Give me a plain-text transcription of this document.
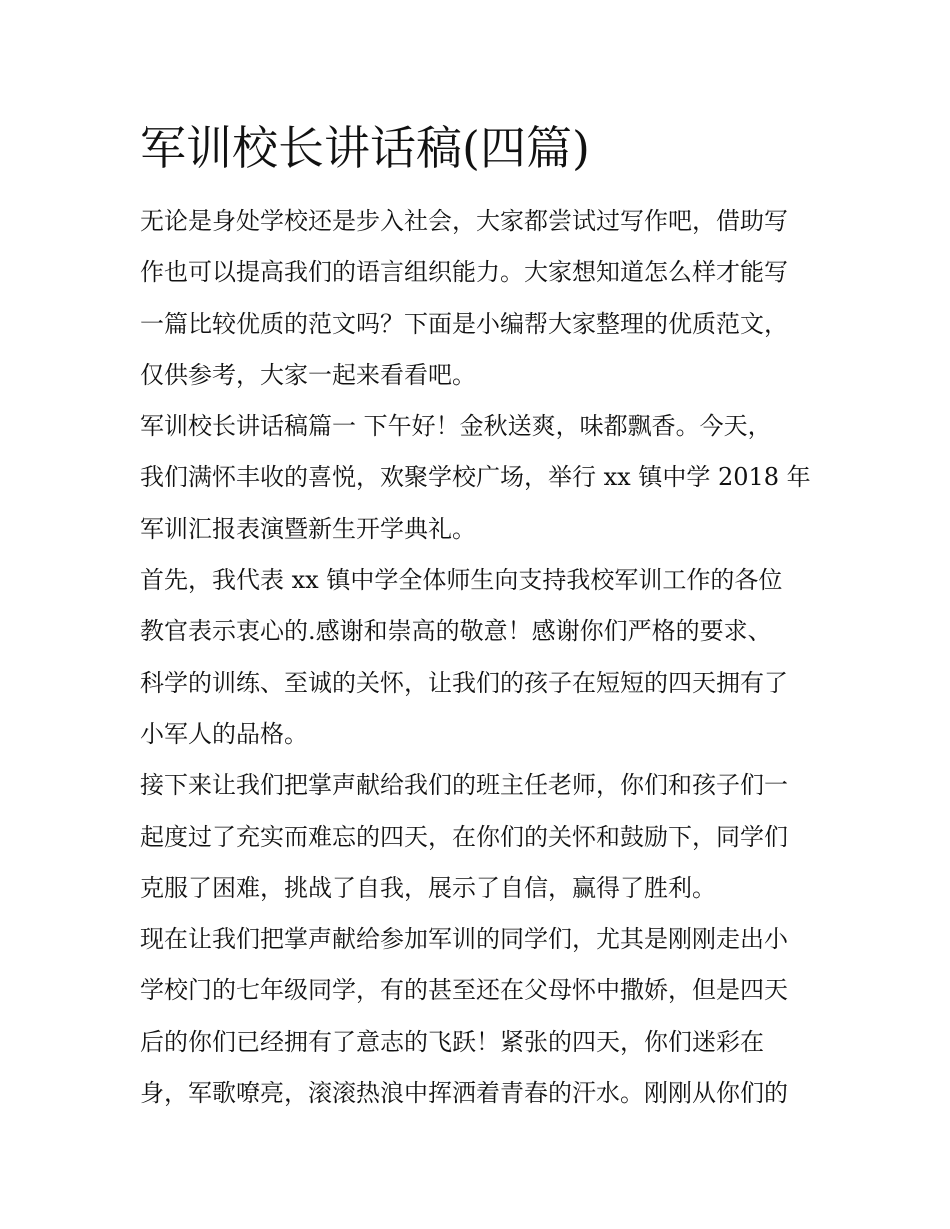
军训校长讲话稿(四篇)
无论是身处学校还是步入社会，大家都尝试过写作吧，借助写
作也可以提高我们的语言组织能力。大家想知道怎么样才能写
一篇比较优质的范文吗？下面是小编帮大家整理的优质范文，
仅供参考，大家一起来看看吧。
军训校长讲话稿篇一 下午好！金秋送爽，味都飘香。今天，
我们满怀丰收的喜悦，欢聚学校广场，举行 xx 镇中学 2018 年
军训汇报表演暨新生开学典礼。
首先，我代表 xx 镇中学全体师生向支持我校军训工作的各位
教官表示衷心的.感谢和崇高的敬意！感谢你们严格的要求、
科学的训练、至诚的关怀，让我们的孩子在短短的四天拥有了
小军人的品格。
接下来让我们把掌声献给我们的班主任老师，你们和孩子们一
起度过了充实而难忘的四天，在你们的关怀和鼓励下，同学们
克服了困难，挑战了自我，展示了自信，赢得了胜利。
现在让我们把掌声献给参加军训的同学们，尤其是刚刚走出小
学校门的七年级同学，有的甚至还在父母怀中撒娇，但是四天
后的你们已经拥有了意志的飞跃！紧张的四天，你们迷彩在
身，军歌嘹亮，滚滚热浪中挥洒着青春的汗水。刚刚从你们的
